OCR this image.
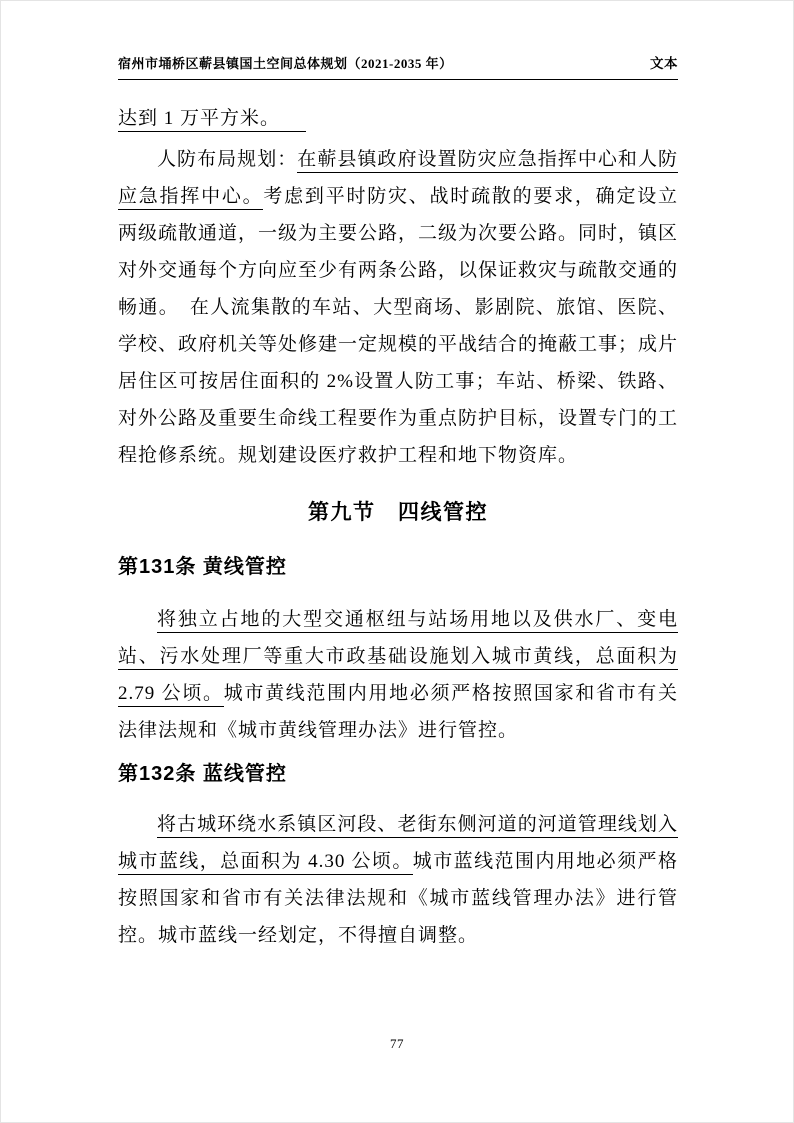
宿州市埇桥区蕲县镇国土空间总体规划（2021-2035 年）	文本

达到 1 万平方米。

人防布局规划：在蕲县镇政府设置防灾应急指挥中心和人防应急指挥中心。考虑到平时防灾、战时疏散的要求，确定设立两级疏散通道，一级为主要公路，二级为次要公路。同时，镇区对外交通每个方向应至少有两条公路，以保证救灾与疏散交通的畅通。　在人流集散的车站、大型商场、影剧院、旅馆、医院、学校、政府机关等处修建一定规模的平战结合的掩蔽工事；成片居住区可按居住面积的 2%设置人防工事；车站、桥梁、铁路、对外公路及重要生命线工程要作为重点防护目标，设置专门的工程抢修系统。规划建设医疗救护工程和地下物资库。

第九节　四线管控
第131条 黄线管控

将独立占地的大型交通枢纽与站场用地以及供水厂、变电站、污水处理厂等重大市政基础设施划入城市黄线，总面积为 2.79 公顷。城市黄线范围内用地必须严格按照国家和省市有关法律法规和《城市黄线管理办法》进行管控。

第132条 蓝线管控

将古城环绕水系镇区河段、老街东侧河道的河道管理线划入城市蓝线，总面积为 4.30 公顷。城市蓝线范围内用地必须严格按照国家和省市有关法律法规和《城市蓝线管理办法》进行管控。城市蓝线一经划定，不得擅自调整。

77
